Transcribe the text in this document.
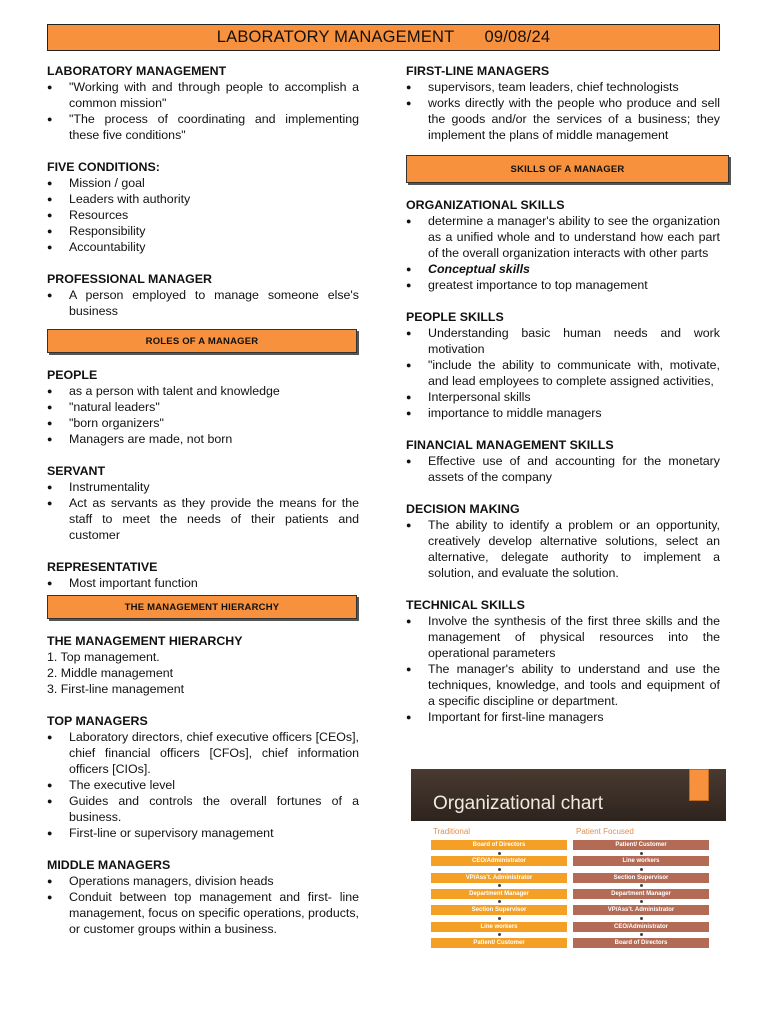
LABORATORY MANAGEMENT 09/08/24

LABORATORY MANAGEMENT

● "Working with and through people to accomplish a common mission"
● "The process of coordinating and implementing these five conditions"

FIVE CONDITIONS:

● Mission / goal
● Leaders with authority
● Resources
● Responsibility
● Accountability

PROFESSIONAL MANAGER

● A person employed to manage someone else's business
ROLES OF A MANAGER

PEOPLE

● as a person with talent and knowledge
● "natural leaders"
● "born organizers"
● Managers are made, not born

SERVANT

● Instrumentality
● Act as servants as they provide the means for the staff to meet the needs of their patients and customer

REPRESENTATIVE

● Most important function
THE MANAGEMENT HIERARCHY

THE MANAGEMENT HIERARCHY

1. Top management.
2. Middle management
3. First-line management

TOP MANAGERS

● Laboratory directors, chief executive officers [CEOs], chief financial officers [CFOs], chief information officers [CIOs].
● The executive level
● Guides and controls the overall fortunes of a business.
● First-line or supervisory management

MIDDLE MANAGERS

● Operations managers, division heads
● Conduit between top management and first- line management, focus on specific operations, products, or customer groups within a business.

FIRST-LINE MANAGERS

● supervisors, team leaders, chief technologists
● works directly with the people who produce and sell the goods and/or the services of a business; they implement the plans of middle management
SKILLS OF A MANAGER

ORGANIZATIONAL SKILLS

● determine a manager's ability to see the organization as a unified whole and to understand how each part of the overall organization interacts with other parts
● Conceptual skills
● greatest importance to top management

PEOPLE SKILLS

● Understanding basic human needs and work motivation
● "include the ability to communicate with, motivate, and lead employees to complete assigned activities,
● Interpersonal skills
● importance to middle managers

FINANCIAL MANAGEMENT SKILLS

● Effective use of and accounting for the monetary assets of the company

DECISION MAKING

● The ability to identify a problem or an opportunity, creatively develop alternative solutions, select an alternative, delegate authority to implement a solution, and evaluate the solution.

TECHNICAL SKILLS

● Involve the synthesis of the first three skills and the management of physical resources into the operational parameters
● The manager's ability to understand and use the techniques, knowledge, and tools and equipment of a specific discipline or department.
● Important for first-line managers
Organizational chart
Traditional	Patient Focused
Board of Directors
CEO/Administrator
VP/Ass't. Administrator
Department Manager
Section Supervisor
Line workers
Patient/ Customer
Patient/ Customer
Line workers
Section Supervisor
Department Manager
VP/Ass't. Administrator
CEO/Administrator
Board of Directors
